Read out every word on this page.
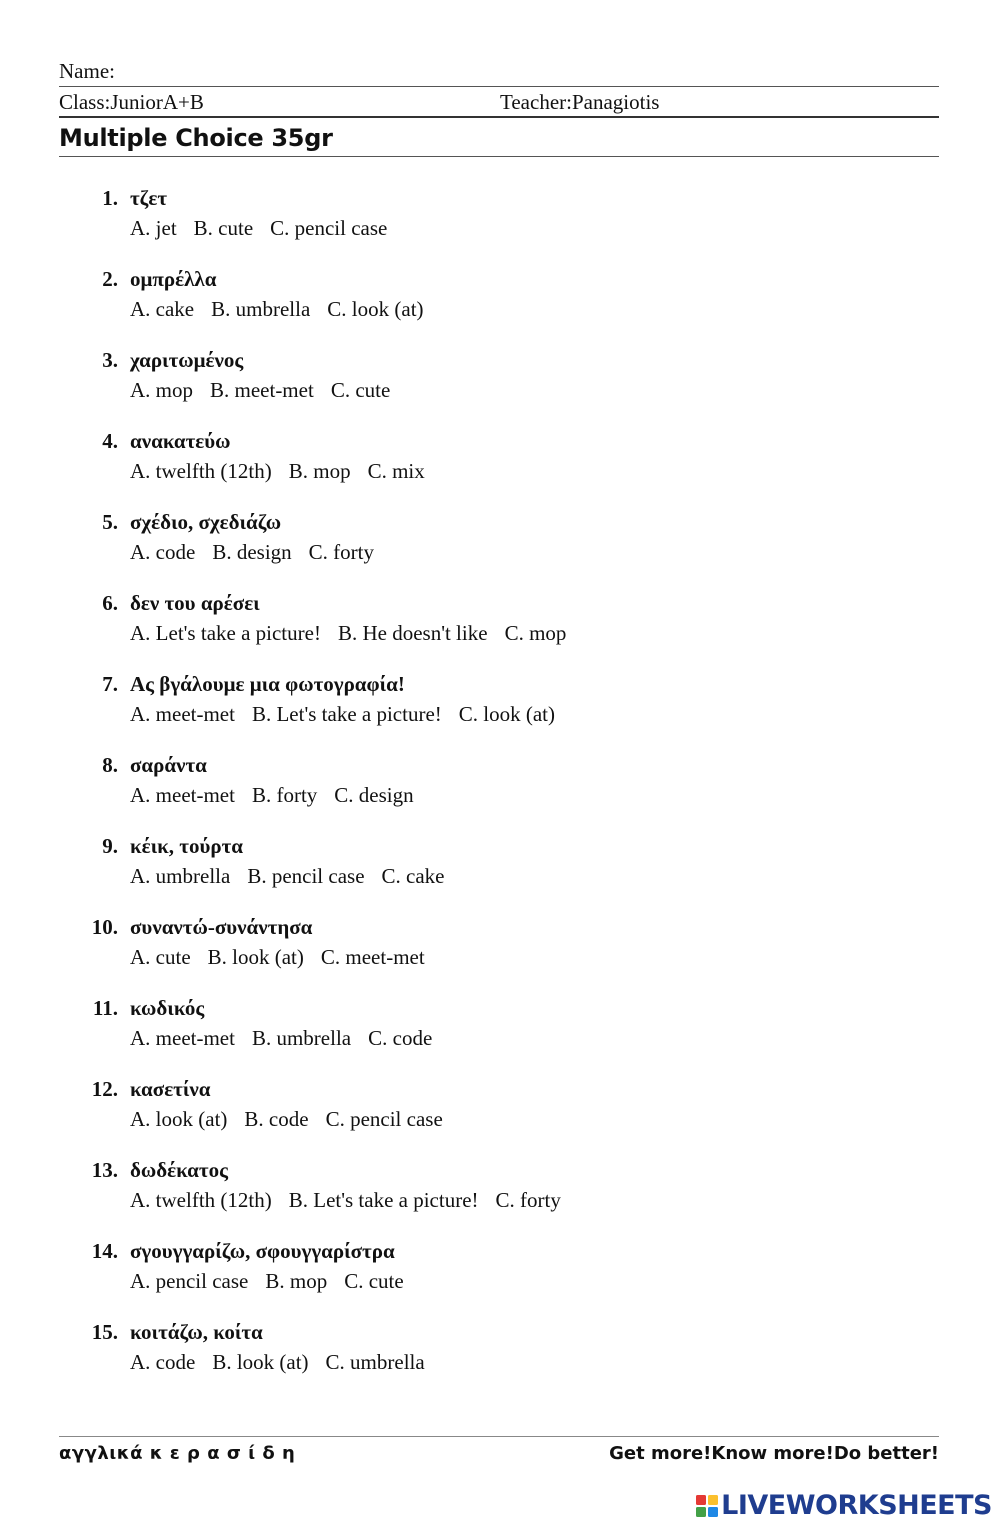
Name:
Class:JuniorA+B	Teacher:Panagiotis
Multiple Choice 35gr
1. τζετ
A. jet B. cute C. pencil case
2. ομπρέλλα
A. cake B. umbrella C. look (at)
3. χαριτωμένος
A. mop B. meet-met C. cute
4. ανακατεύω
A. twelfth (12th) B. mop C. mix
5. σχέδιο, σχεδιάζω
A. code B. design C. forty
6. δεν του αρέσει
A. Let's take a picture! B. He doesn't like C. mop
7. Ας βγάλουμε μια φωτογραφία!
A. meet-met B. Let's take a picture! C. look (at)
8. σαράντα
A. meet-met B. forty C. design
9. κέικ, τούρτα
A. umbrella B. pencil case C. cake
10. συναντώ-συνάντησα
A. cute B. look (at) C. meet-met
11. κωδικός
A. meet-met B. umbrella C. code
12. κασετίνα
A. look (at) B. code C. pencil case
13. δωδέκατος
A. twelfth (12th) B. Let's take a picture! C. forty
14. σγουγγαρίζω, σφουγγαρίστρα
A. pencil case B. mop C. cute
15. κοιτάζω, κοίτα
A. code B. look (at) C. umbrella
αγγλικά κ ε ρ α σ ί δ η	Get more!Know more!Do better!
LIVEWORKSHEETS
